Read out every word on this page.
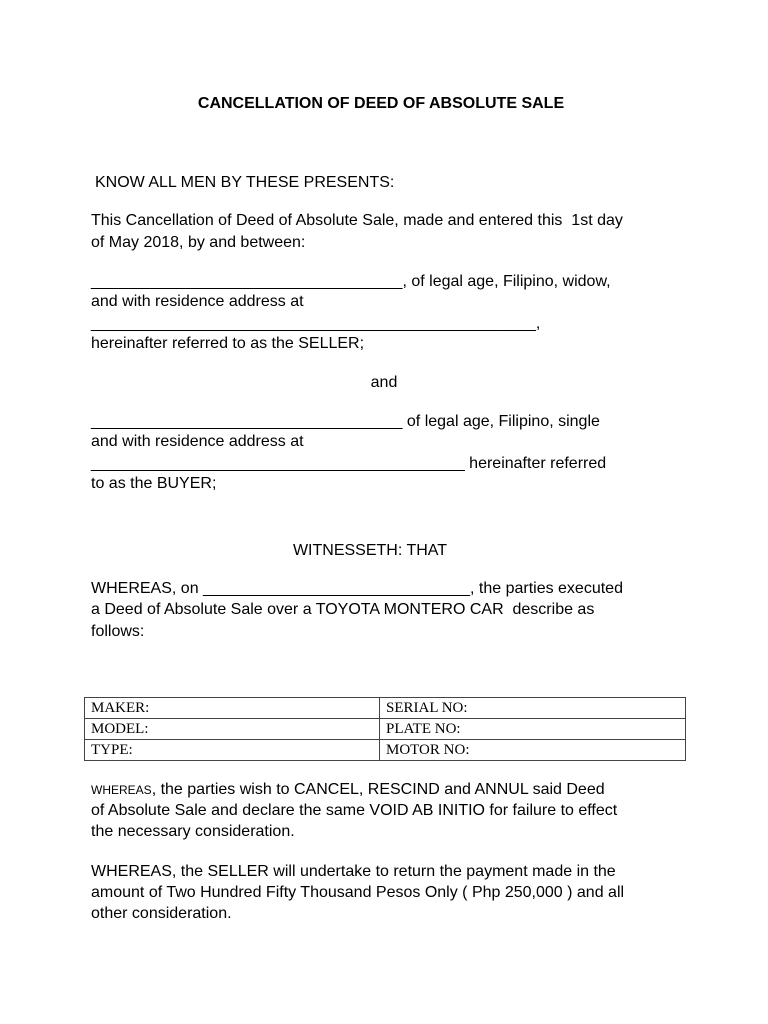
CANCELLATION OF DEED OF ABSOLUTE SALE
KNOW ALL MEN BY THESE PRESENTS:
This Cancellation of Deed of Absolute Sale, made and entered this  1st day
of May 2018, by and between:
___________________________________, of legal age, Filipino, widow,
and with residence address at
__________________________________________________,
hereinafter referred to as the SELLER;
and
___________________________________ of legal age, Filipino, single
and with residence address at
__________________________________________ hereinafter referred
to as the BUYER;
WITNESSETH: THAT
WHEREAS, on ______________________________, the parties executed
a Deed of Absolute Sale over a TOYOTA MONTERO CAR  describe as
follows:
MAKER:	SERIAL NO:
MODEL:	PLATE NO:
TYPE:	MOTOR NO:
WHEREAS, the parties wish to CANCEL, RESCIND and ANNUL said Deed
of Absolute Sale and declare the same VOID AB INITIO for failure to effect
the necessary consideration.
WHEREAS, the SELLER will undertake to return the payment made in the
amount of Two Hundred Fifty Thousand Pesos Only ( Php 250,000 ) and all
other consideration.
